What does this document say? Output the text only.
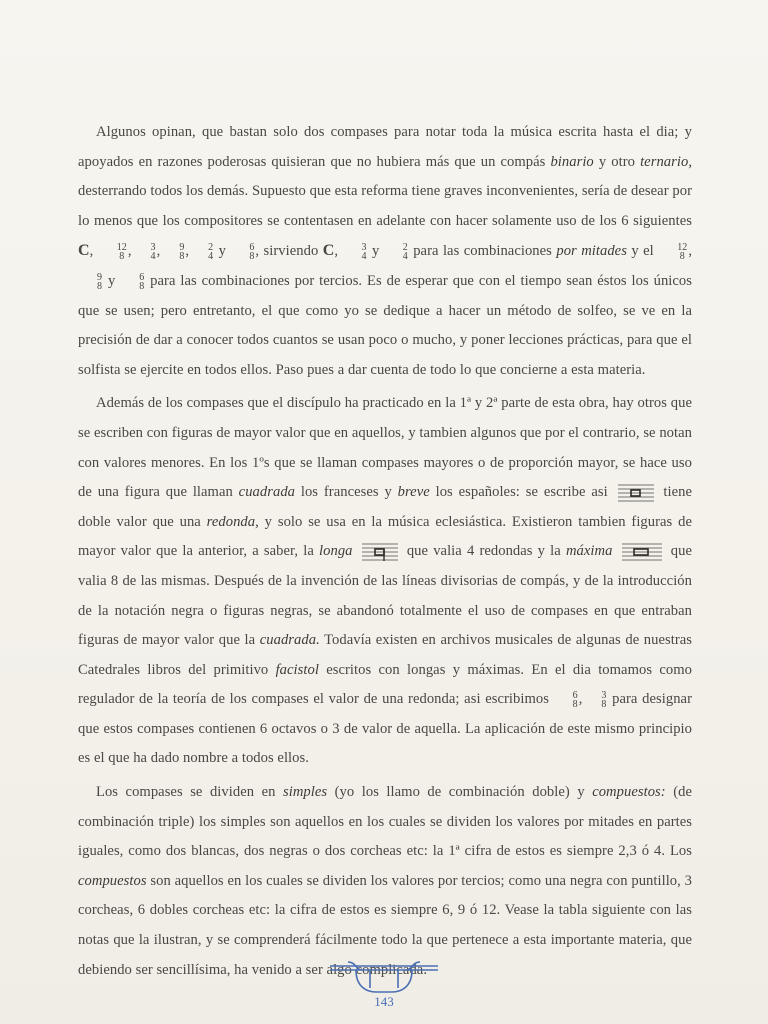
Algunos opinan, que bastan solo dos compases para notar toda la música escrita hasta el dia; y apoyados en razones poderosas quisieran que no hubiera más que un compás binario y otro ternario, desterrando todos los demás. Supuesto que esta reforma tiene graves inconvenientes, sería de desear por lo menos que los compositores se contentasen en adelante con hacer solamente uso de los 6 siguientes C,	12
8 ,	3
4 ,	9
8 ,	2
4 y	6
8 , sirviendo C,	3
4 y	2
4 para las combinaciones por mitades y el	12
8 ,
9
8 y	6
8 para las combinaciones por tercios. Es de esperar que con el tiempo sean éstos los únicos que se usen; pero entretanto, el que como yo se dedique a hacer un método de solfeo, se ve en la precisión de dar a conocer todos cuantos se usan poco o mucho, y poner lecciones prácticas, para que el solfista se ejercite en todos ellos. Paso pues a dar cuenta de todo lo que concierne a esta materia.

Además de los compases que el discípulo ha practicado en la 1ª y 2ª parte de esta obra, hay otros que se escriben con figuras de mayor valor que en aquellos, y tambien algunos que por el contrario, se notan con valores menores. En los 1ºs que se llaman compases mayores o de proporción mayor, se hace uso de una figura que llaman cuadrada los franceses y breve los españoles: se escribe asi	tiene doble valor que una redonda, y solo se usa en la música eclesiástica. Existieron tambien figuras de mayor valor que la anterior, a saber, la longa	que valia 4 redondas y la máxima	que valia 8 de las mismas. Después de la invención de las líneas divisorias de compás, y de la introducción de la notación negra o figuras negras, se abandonó totalmente el uso de compases en que entraban figuras de mayor valor que la cuadrada. Todavía existen en archivos musicales de algunas de nuestras Catedrales libros del primitivo facistol escritos con longas y máximas. En el dia tomamos como regulador de la teoría de los compases el valor de una redonda; asi escribimos	6
8 ,	3
8 para designar que estos compases contienen 6 octavos o 3 de valor de aquella. La aplicación de este mismo principio es el que ha dado nombre a todos ellos.

Los compases se dividen en simples (yo los llamo de combinación doble) y compuestos: (de combinación triple) los simples son aquellos en los cuales se dividen los valores por mitades en partes iguales, como dos blancas, dos negras o dos corcheas etc: la 1ª cifra de estos es siempre 2,3 ó 4. Los compuestos son aquellos en los cuales se dividen los valores por tercios; como una negra con puntillo, 3 corcheas, 6 dobles corcheas etc: la cifra de estos es siempre 6, 9 ó 12. Vease la tabla siguiente con las notas que la ilustran, y se comprenderá fácilmente todo la que pertenece a esta importante materia, que debiendo ser sencillísima, ha venido a ser algo complicada.

143
